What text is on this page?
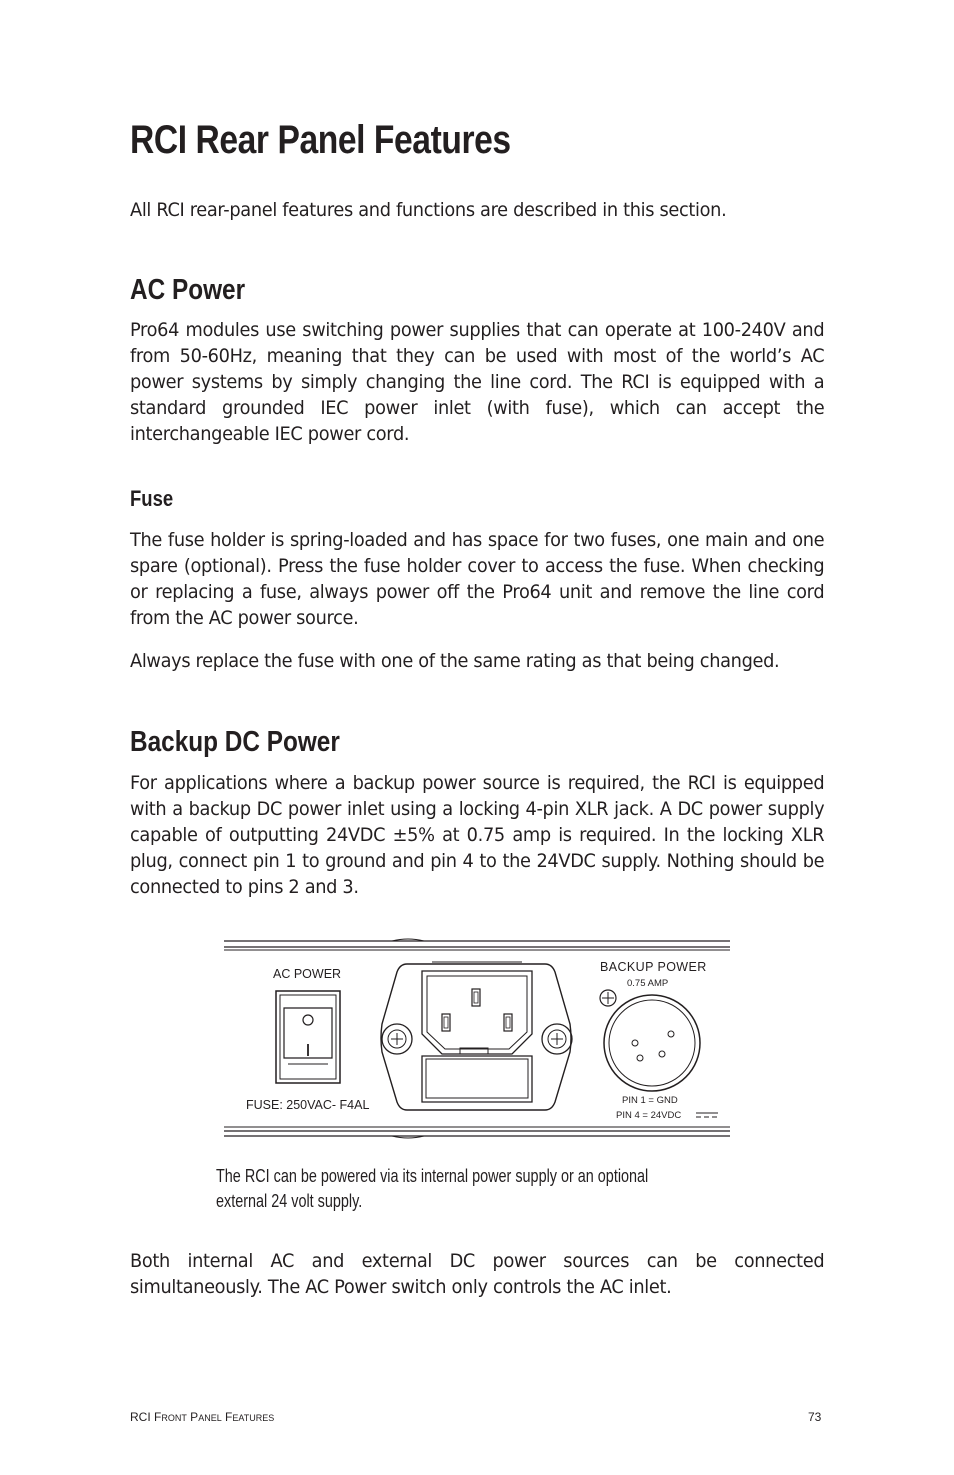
RCI Rear Panel Features

All RCI rear-panel features and functions are described in this section.

AC Power

Pro64 modules use switching power supplies that can operate at 100-240V and from 50-60Hz, meaning that they can be used with most of the world’s AC power systems by simply changing the line cord. The RCI is equipped with a standard grounded IEC power inlet (with fuse), which can accept the interchangeable IEC power cord.

Fuse

The fuse holder is spring-loaded and has space for two fuses, one main and one spare (optional). Press the fuse holder cover to access the fuse. When checking or replacing a fuse, always power off the Pro64 unit and remove the line cord from the AC power source.

Always replace the fuse with one of the same rating as that being changed.

Backup DC Power

For applications where a backup power source is required, the RCI is equipped with a backup DC power inlet using a locking 4-pin XLR jack. A DC power supply capable of outputting 24VDC ±5% at 0.75 amp is required. In the locking XLR plug, connect pin 1 to ground and pin 4 to the 24VDC supply. Nothing should be connected to pins 2 and 3.

AC POWER
FUSE: 250VAC- F4AL
BACKUP POWER
0.75 AMP
PIN 1 = GND
PIN 4 = 24VDC

The RCI can be powered via its internal power supply or an optional external 24 volt supply.

Both internal AC and external DC power sources can be connected simultaneously. The AC Power switch only controls the AC inlet.

RCI FRONT PANEL FEATURES	73
